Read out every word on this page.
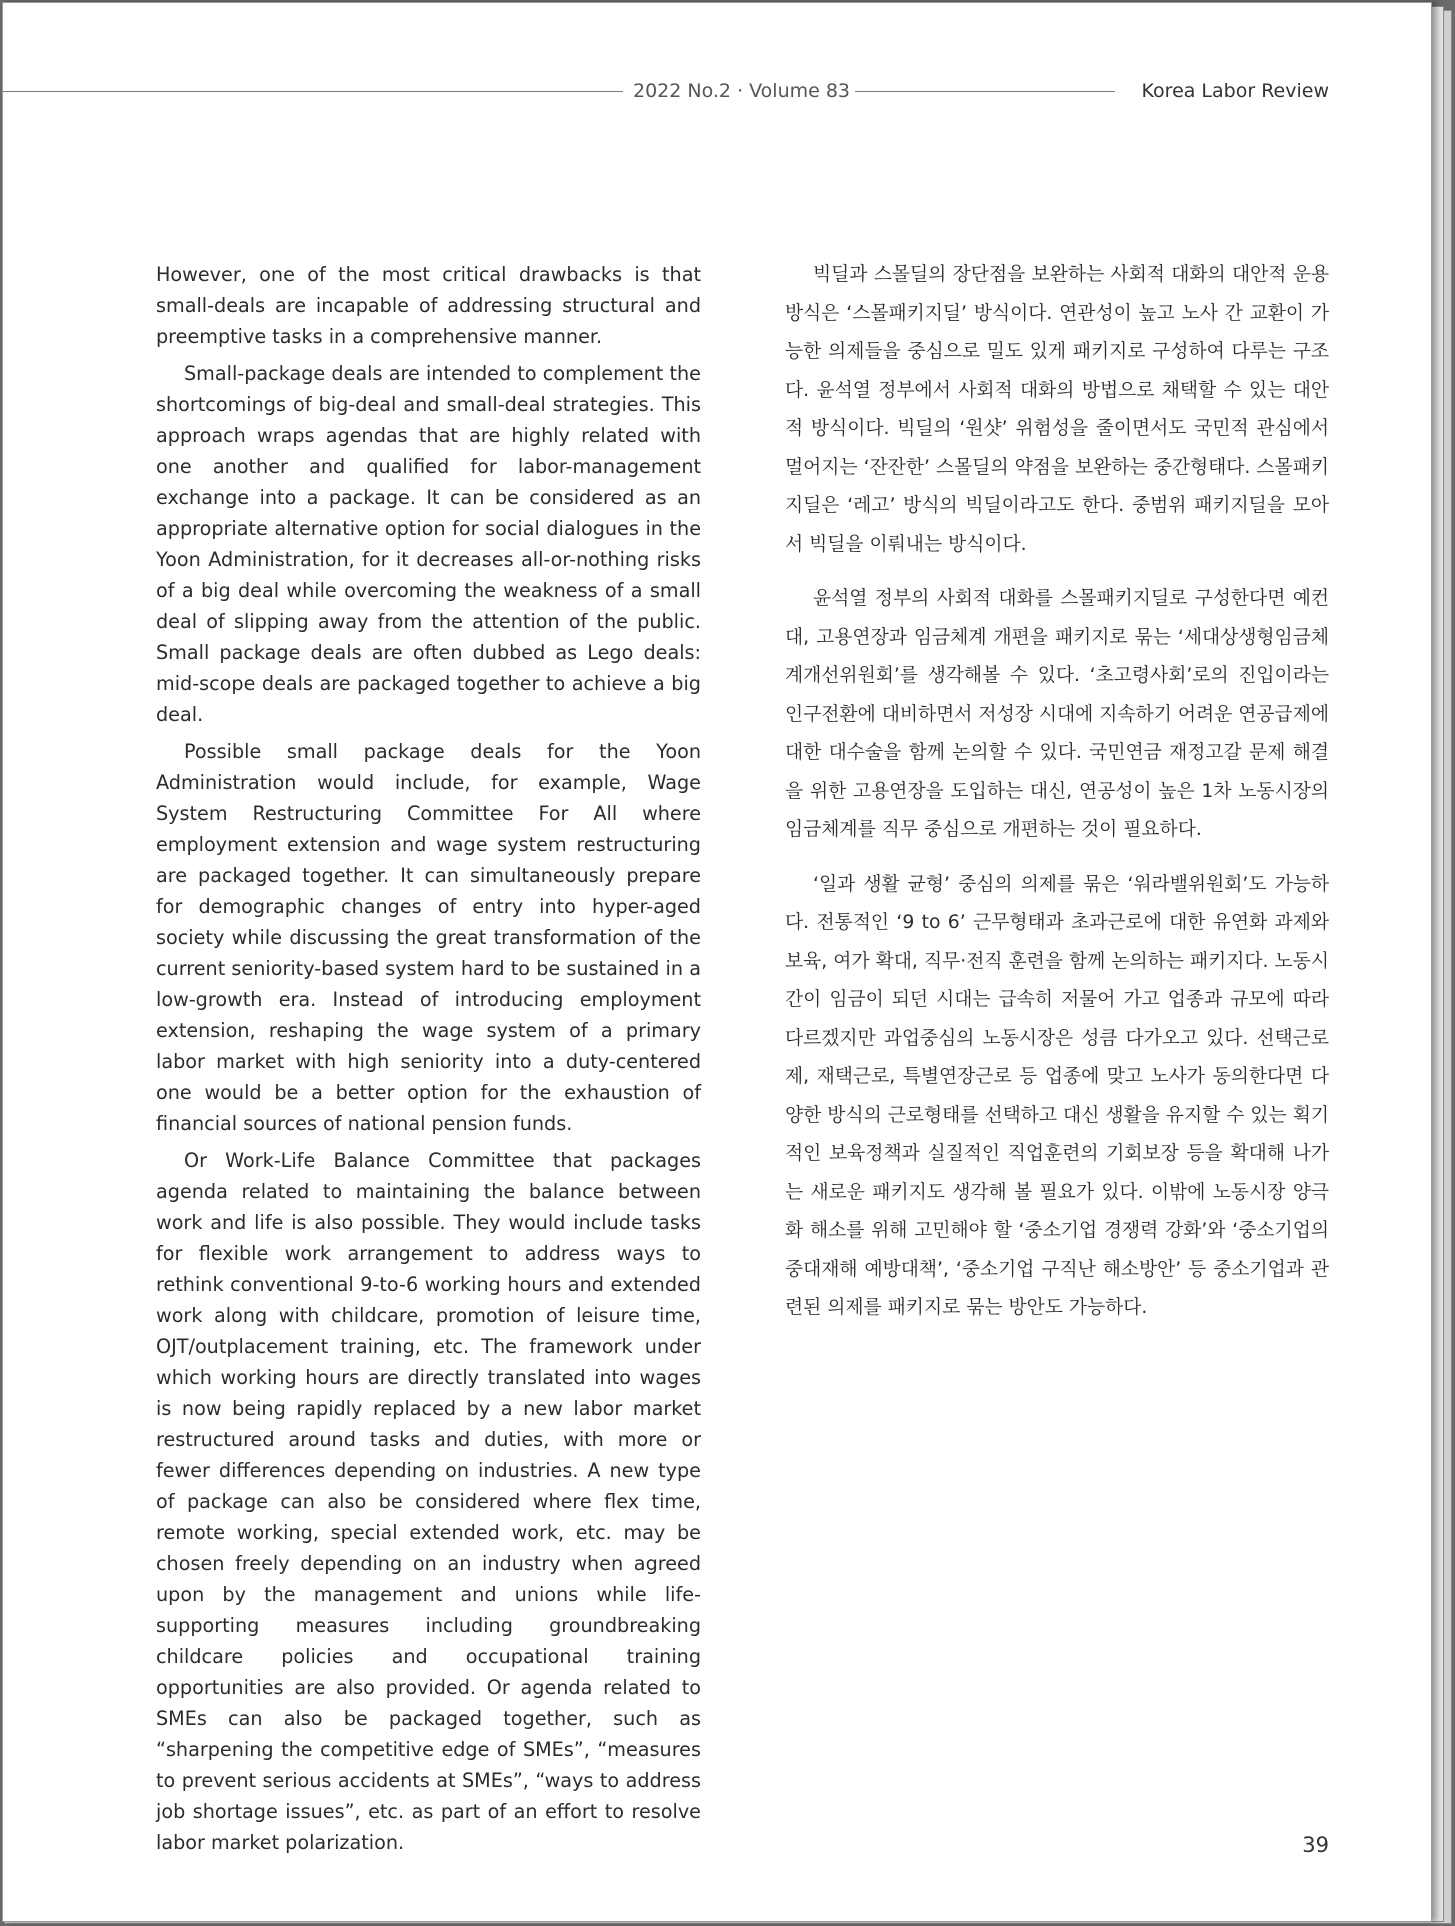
2022 No.2 · Volume 83	Korea Labor Review

However, one of the most critical drawbacks is that small-deals are incapable of addressing structural and preemptive tasks in a comprehensive manner.

Small-package deals are intended to complement the shortcomings of big-deal and small-deal strategies. This approach wraps agendas that are highly related with one another and qualified for labor-management exchange into a package. It can be considered as an appropriate alternative option for social dialogues in the Yoon Administration, for it decreases all-or-nothing risks of a big deal while overcoming the weakness of a small deal of slipping away from the attention of the public. Small package deals are often dubbed as Lego deals: mid-scope deals are packaged together to achieve a big deal.

Possible small package deals for the Yoon Administration would include, for example, Wage System Restructuring Committee For All where employment extension and wage system restructuring are packaged together. It can simultaneously prepare for demographic changes of entry into hyper-aged society while discussing the great transformation of the current seniority-based system hard to be sustained in a low-growth era. Instead of introducing employment extension, reshaping the wage system of a primary labor market with high seniority into a duty-centered one would be a better option for the exhaustion of financial sources of national pension funds.

Or Work-Life Balance Committee that packages agenda related to maintaining the balance between work and life is also possible. They would include tasks for flexible work arrangement to address ways to rethink conventional 9-to-6 working hours and extended work along with childcare, promotion of leisure time, OJT/outplacement training, etc. The framework under which working hours are directly translated into wages is now being rapidly replaced by a new labor market restructured around tasks and duties, with more or fewer differences depending on industries. A new type of package can also be considered where flex time, remote working, special extended work, etc. may be chosen freely depending on an industry when agreed upon by the management and unions while life-supporting measures including groundbreaking childcare policies and occupational training opportunities are also provided. Or agenda related to SMEs can also be packaged together, such as “sharpening the competitive edge of SMEs”, “measures to prevent serious accidents at SMEs”, “ways to address job shortage issues”, etc. as part of an effort to resolve labor market polarization.

빅딜과 스몰딜의 장단점을 보완하는 사회적 대화의 대안적 운용방식은 ‘스몰패키지딜’ 방식이다. 연관성이 높고 노사 간 교환이 가능한 의제들을 중심으로 밀도 있게 패키지로 구성하여 다루는 구조다. 윤석열 정부에서 사회적 대화의 방법으로 채택할 수 있는 대안적 방식이다. 빅딜의 ‘원샷’ 위험성을 줄이면서도 국민적 관심에서 멀어지는 ‘잔잔한’ 스몰딜의 약점을 보완하는 중간형태다. 스몰패키지딜은 ‘레고’ 방식의 빅딜이라고도 한다. 중범위 패키지딜을 모아서 빅딜을 이뤄내는 방식이다.

윤석열 정부의 사회적 대화를 스몰패키지딜로 구성한다면 예컨대, 고용연장과 임금체계 개편을 패키지로 묶는 ‘세대상생형임금체계개선위원회’를 생각해볼 수 있다. ‘초고령사회’로의 진입이라는 인구전환에 대비하면서 저성장 시대에 지속하기 어려운 연공급제에 대한 대수술을 함께 논의할 수 있다. 국민연금 재정고갈 문제 해결을 위한 고용연장을 도입하는 대신, 연공성이 높은 1차 노동시장의 임금체계를 직무 중심으로 개편하는 것이 필요하다.

‘일과 생활 균형’ 중심의 의제를 묶은 ‘워라밸위원회’도 가능하다. 전통적인 ‘9 to 6’ 근무형태과 초과근로에 대한 유연화 과제와 보육, 여가 확대, 직무·전직 훈련을 함께 논의하는 패키지다. 노동시간이 임금이 되던 시대는 급속히 저물어 가고 업종과 규모에 따라 다르겠지만 과업중심의 노동시장은 성큼 다가오고 있다. 선택근로제, 재택근로, 특별연장근로 등 업종에 맞고 노사가 동의한다면 다양한 방식의 근로형태를 선택하고 대신 생활을 유지할 수 있는 획기적인 보육정책과 실질적인 직업훈련의 기회보장 등을 확대해 나가는 새로운 패키지도 생각해 볼 필요가 있다. 이밖에 노동시장 양극화 해소를 위해 고민해야 할 ‘중소기업 경쟁력 강화’와 ‘중소기업의 중대재해 예방대책’, ‘중소기업 구직난 해소방안’ 등 중소기업과 관련된 의제를 패키지로 묶는 방안도 가능하다.

39
